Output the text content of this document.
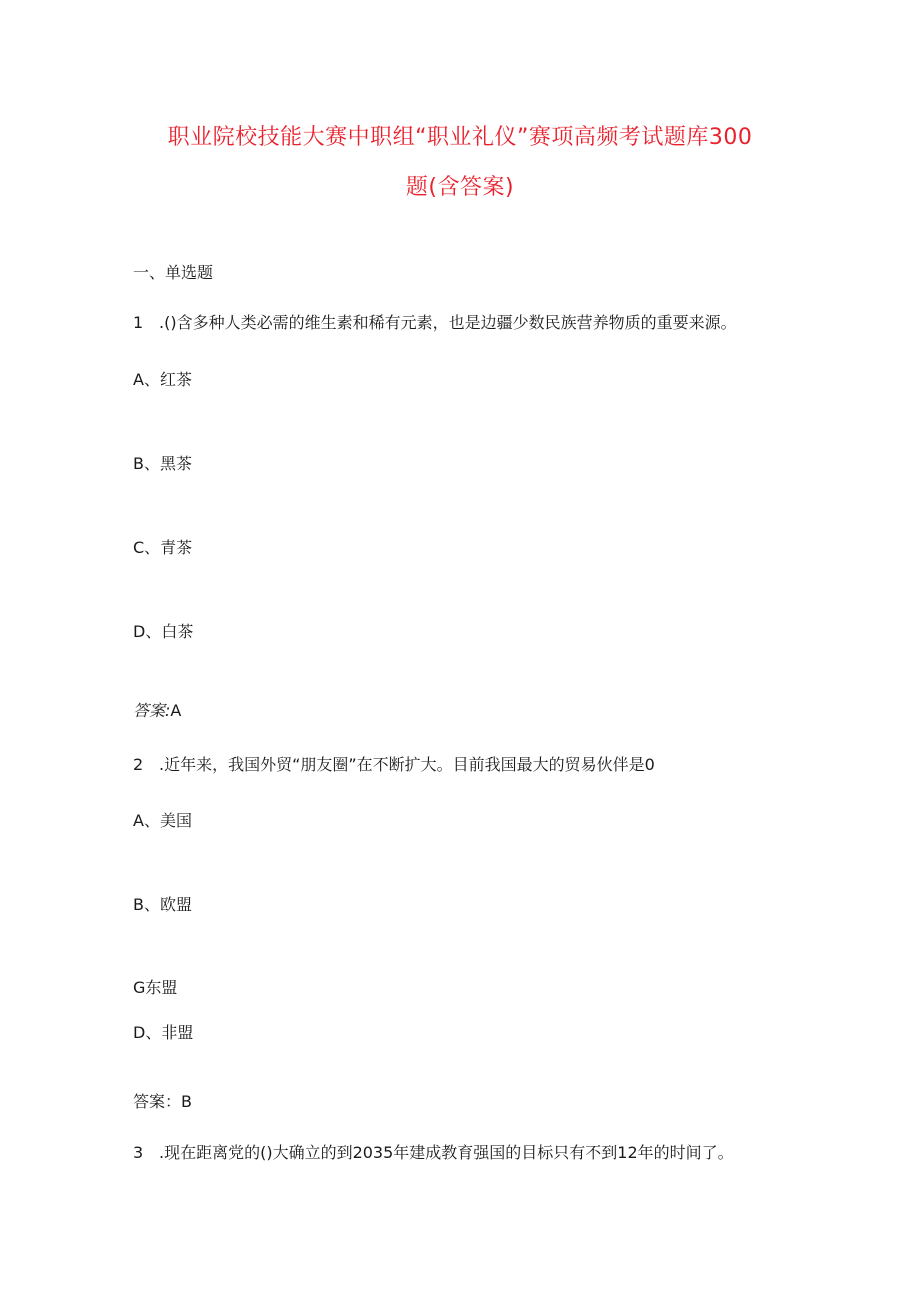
职业院校技能大赛中职组“职业礼仪”赛项高频考试题库300
题(含答案)
一、单选题
1 .()含多种人类必需的维生素和稀有元素，也是边疆少数民族营养物质的重要来源。
A、红茶
B、黑茶
C、青茶
D、白茶
答案:A
2 .近年来，我国外贸“朋友圈”在不断扩大。目前我国最大的贸易伙伴是0
A、美国
B、欧盟
G东盟
D、非盟
答案：B
3 .现在距离党的()大确立的到2035年建成教育强国的目标只有不到12年的时间了。
